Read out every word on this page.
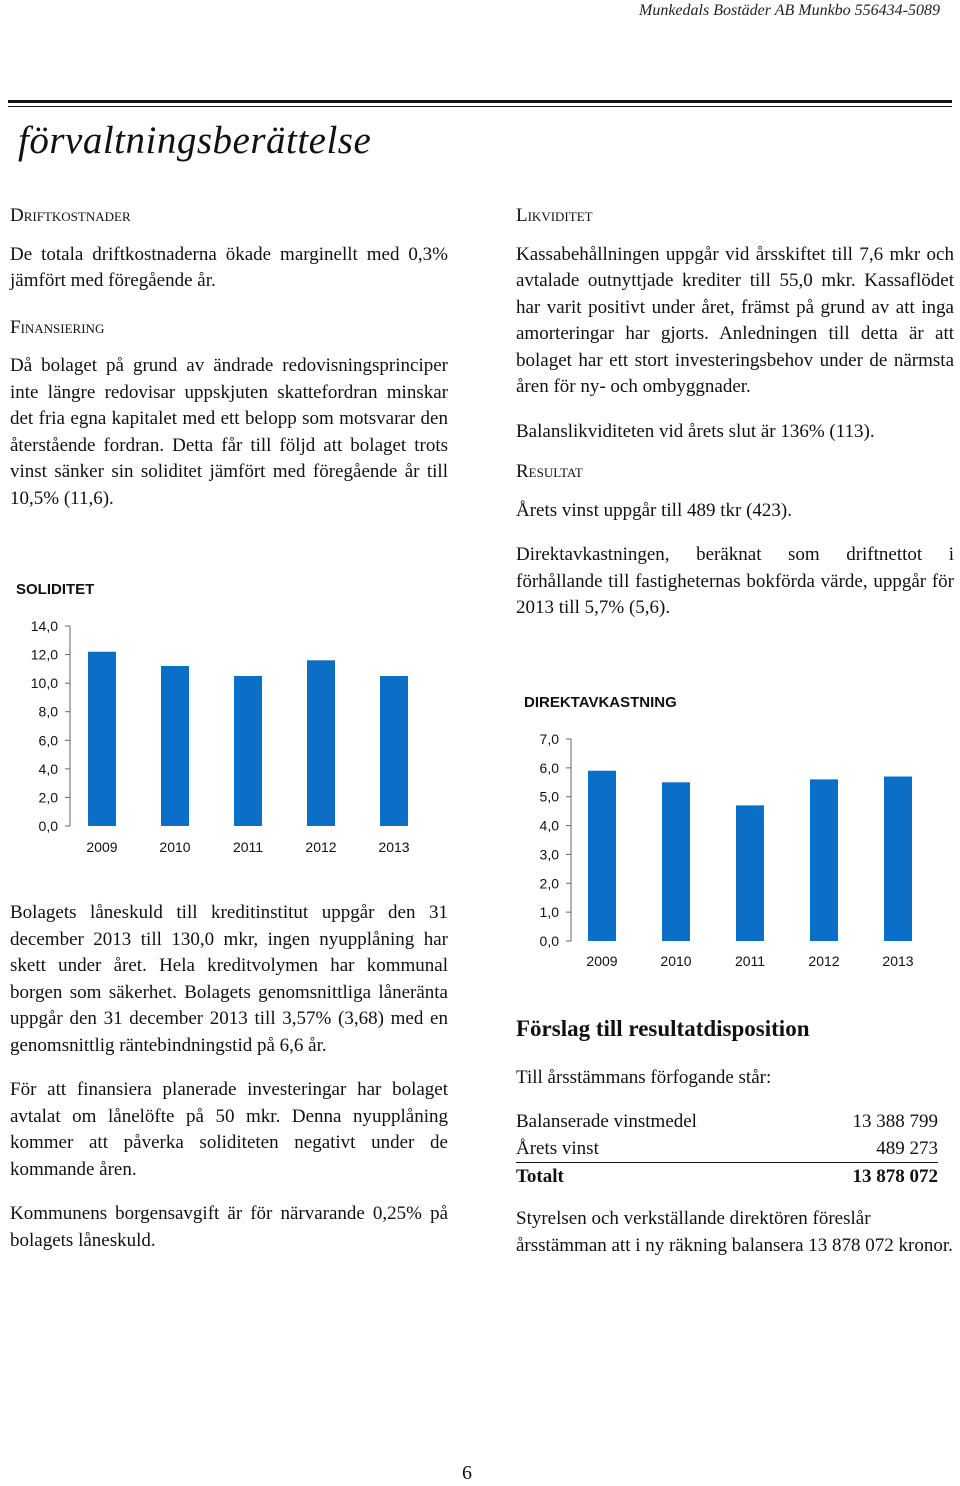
Munkedals Bostäder AB Munkbo 556434-5089
förvaltningsberättelse
Driftkostnader

De totala driftkostnaderna ökade marginellt med 0,3% jämfört med föregående år.

Finansiering

Då bolaget på grund av ändrade redovisningsprinciper inte längre redovisar uppskjuten skattefordran minskar det fria egna kapitalet med ett belopp som motsvarar den återstående fordran. Detta får till följd att bolaget trots vinst sänker sin soliditet jämfört med föregående år till 10,5% (11,6).

SOLIDITET
0,0
2,0
4,0
6,0
8,0
10,0
12,0
14,0
2009	2010	2011	2012	2013

Bolagets låneskuld till kreditinstitut uppgår den 31 december 2013 till 130,0 mkr, ingen nyupplåning har skett under året. Hela kreditvolymen har kommunal borgen som säkerhet. Bolagets genomsnittliga låneränta uppgår den 31 december 2013 till 3,57% (3,68) med en genomsnittlig räntebindningstid på 6,6 år.

För att finansiera planerade investeringar har bolaget avtalat om lånelöfte på 50 mkr. Denna nyupplåning kommer att påverka soliditeten negativt under de kommande åren.

Kommunens borgensavgift är för närvarande 0,25% på bolagets låneskuld.

Likviditet

Kassabehållningen uppgår vid årsskiftet till 7,6 mkr och avtalade outnyttjade krediter till 55,0 mkr. Kassaflödet har varit positivt under året, främst på grund av att inga amorteringar har gjorts. Anledningen till detta är att bolaget har ett stort investeringsbehov under de närmsta åren för ny- och ombyggnader.

Balanslikviditeten vid årets slut är 136% (113).

Resultat

Årets vinst uppgår till 489 tkr (423).

Direktavkastningen, beräknat som driftnettot i förhållande till fastigheternas bokförda värde, uppgår för 2013 till 5,7% (5,6).

DIREKTAVKASTNING
0,0
1,0
2,0
3,0
4,0
5,0
6,0
7,0
2009	2010	2011	2012	2013
Förslag till resultatdisposition

Till årsstämmans förfogande står:

Balanserade vinstmedel	13 388 799
Årets vinst	489 273
Totalt	13 878 072

Styrelsen och verkställande direktören föreslår årsstämman att i ny räkning balansera 13 878 072 kronor.

6
